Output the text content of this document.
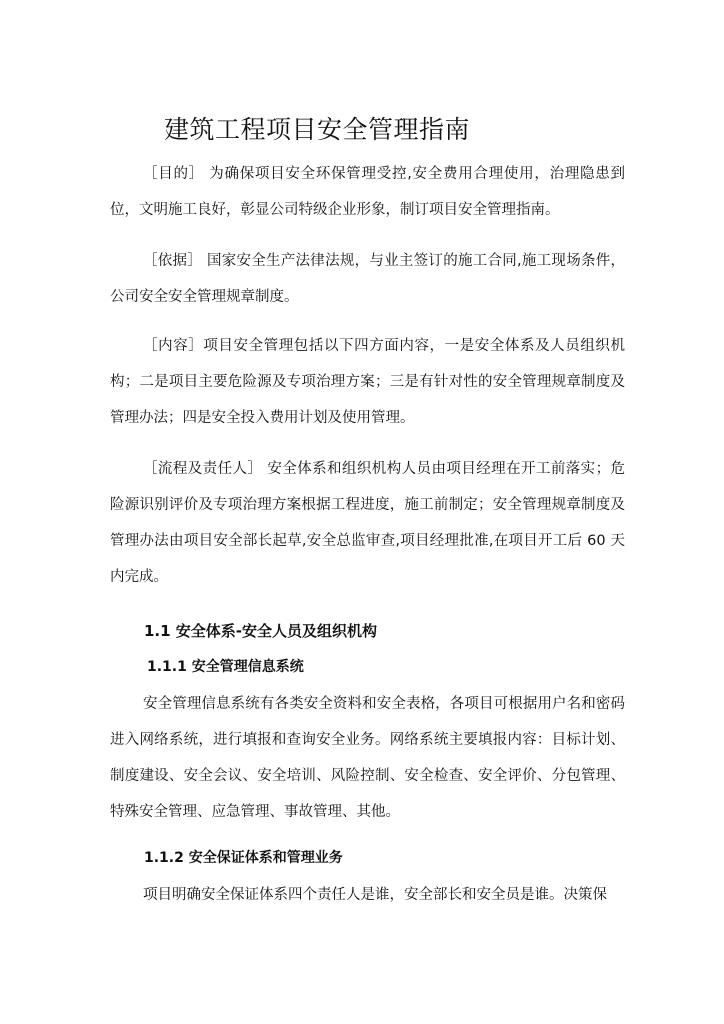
建筑工程项目安全管理指南

［目的］ 为确保项目安全环保管理受控,安全费用合理使用，治理隐患到位，文明施工良好，彰显公司特级企业形象，制订项目安全管理指南。

［依据］ 国家安全生产法律法规，与业主签订的施工合同,施工现场条件，公司安全安全管理规章制度。

［内容］项目安全管理包括以下四方面内容，一是安全体系及人员组织机构；二是项目主要危险源及专项治理方案；三是有针对性的安全管理规章制度及管理办法；四是安全投入费用计划及使用管理。

［流程及责任人］ 安全体系和组织机构人员由项目经理在开工前落实；危险源识别评价及专项治理方案根据工程进度，施工前制定；安全管理规章制度及管理办法由项目安全部长起草,安全总监审查,项目经理批准,在项目开工后 60 天内完成。

1.1 安全体系-安全人员及组织机构
1.1.1 安全管理信息系统

安全管理信息系统有各类安全资料和安全表格，各项目可根据用户名和密码进入网络系统，进行填报和查询安全业务。网络系统主要填报内容：目标计划、制度建设、安全会议、安全培训、风险控制、安全检查、安全评价、分包管理、特殊安全管理、应急管理、事故管理、其他。

1.1.2 安全保证体系和管理业务

项目明确安全保证体系四个责任人是谁，安全部长和安全员是谁。决策保
